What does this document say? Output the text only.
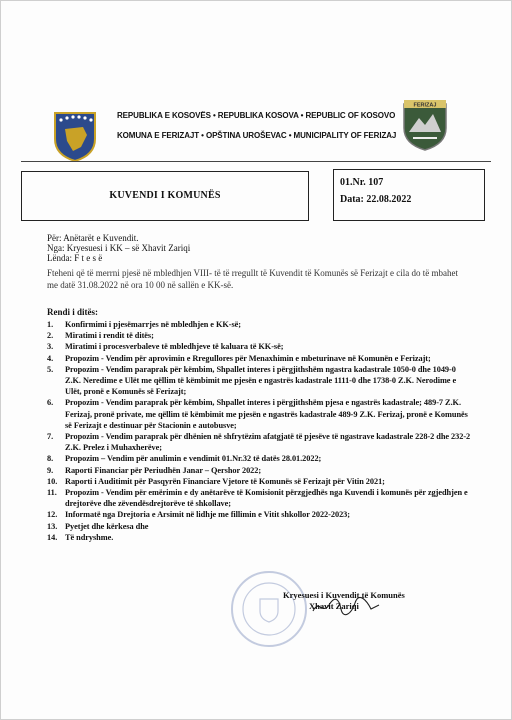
REPUBLIKA E KOSOVËS • REPUBLIKA KOSOVA • REPUBLIC OF KOSOVO
KOMUNA E FERIZAJT • OPŠTINA UROŠEVAC • MUNICIPALITY OF FERIZAJ
FERIZAJ
KUVENDI I KOMUNËS
01.Nr. 107
Data: 22.08.2022
Për: Anëtarët e Kuvendit.
Nga: Kryesuesi i KK – së Xhavit Zariqi
Lënda: F t e s ë
Fteheni që të merrni pjesë në mbledhjen VIII- të të rregullt të Kuvendit të Komunës së Ferizajt e cila do të mbahet me datë 31.08.2022 në ora 10 00 në sallën e KK-së.
Rendi i ditës:
1. Konfirmimi i pjesëmarrjes në mbledhjen e KK-së;
2. Miratimi i rendit të ditës;
3. Miratimi i procesverbaleve të mbledhjeve të kaluara të KK-së;
4. Propozim - Vendim për aprovimin e Rregullores për Menaxhimin e mbeturinave në Komunën e Ferizajt;
5. Propozim - Vendim paraprak për këmbim, Shpallet interes i përgjithshëm ngastra kadastrale 1050-0 dhe 1049-0 Z.K. Neredime e Ulët me qëllim të këmbimit me pjesën e ngastrës kadastrale 1111-0 dhe 1738-0 Z.K. Nerodime e Ulët, pronë e Komunës së Ferizajt;
6. Propozim - Vendim paraprak për këmbim, Shpallet interes i përgjithshëm pjesa e ngastrës kadastrale; 489-7 Z.K. Ferizaj, pronë private, me qëllim të këmbimit me pjesën e ngastrës kadastrale 489-9 Z.K. Ferizaj, pronë e Komunës së Ferizajt e destinuar për Stacionin e autobusve;
7. Propozim - Vendim paraprak për dhënien në shfrytëzim afatgjatë të pjesëve të ngastrave kadastrale 228-2 dhe 232-2 Z.K. Prelez i Muhaxherëve;
8. Propozim – Vendim për anulimin e vendimit 01.Nr.32 të datës 28.01.2022;
9. Raporti Financiar për Periudhën Janar – Qershor 2022;
10. Raporti i Auditimit për Pasqyrën Financiare Vjetore të Komunës së Ferizajt për Vitin 2021;
11. Propozim - Vendim për emërimin e dy anëtarëve të Komisionit përzgjedhës nga Kuvendi i komunës për zgjedhjen e drejtorëve dhe zëvendësdrejtorëve të shkollave;
12. Informatë nga Drejtoria e Arsimit në lidhje me fillimin e Vitit shkollor 2022-2023;
13. Pyetjet dhe kërkesa dhe
14. Të ndryshme.
Kryesuesi i Kuvendit të Komunës
Xhavit Zariqi
